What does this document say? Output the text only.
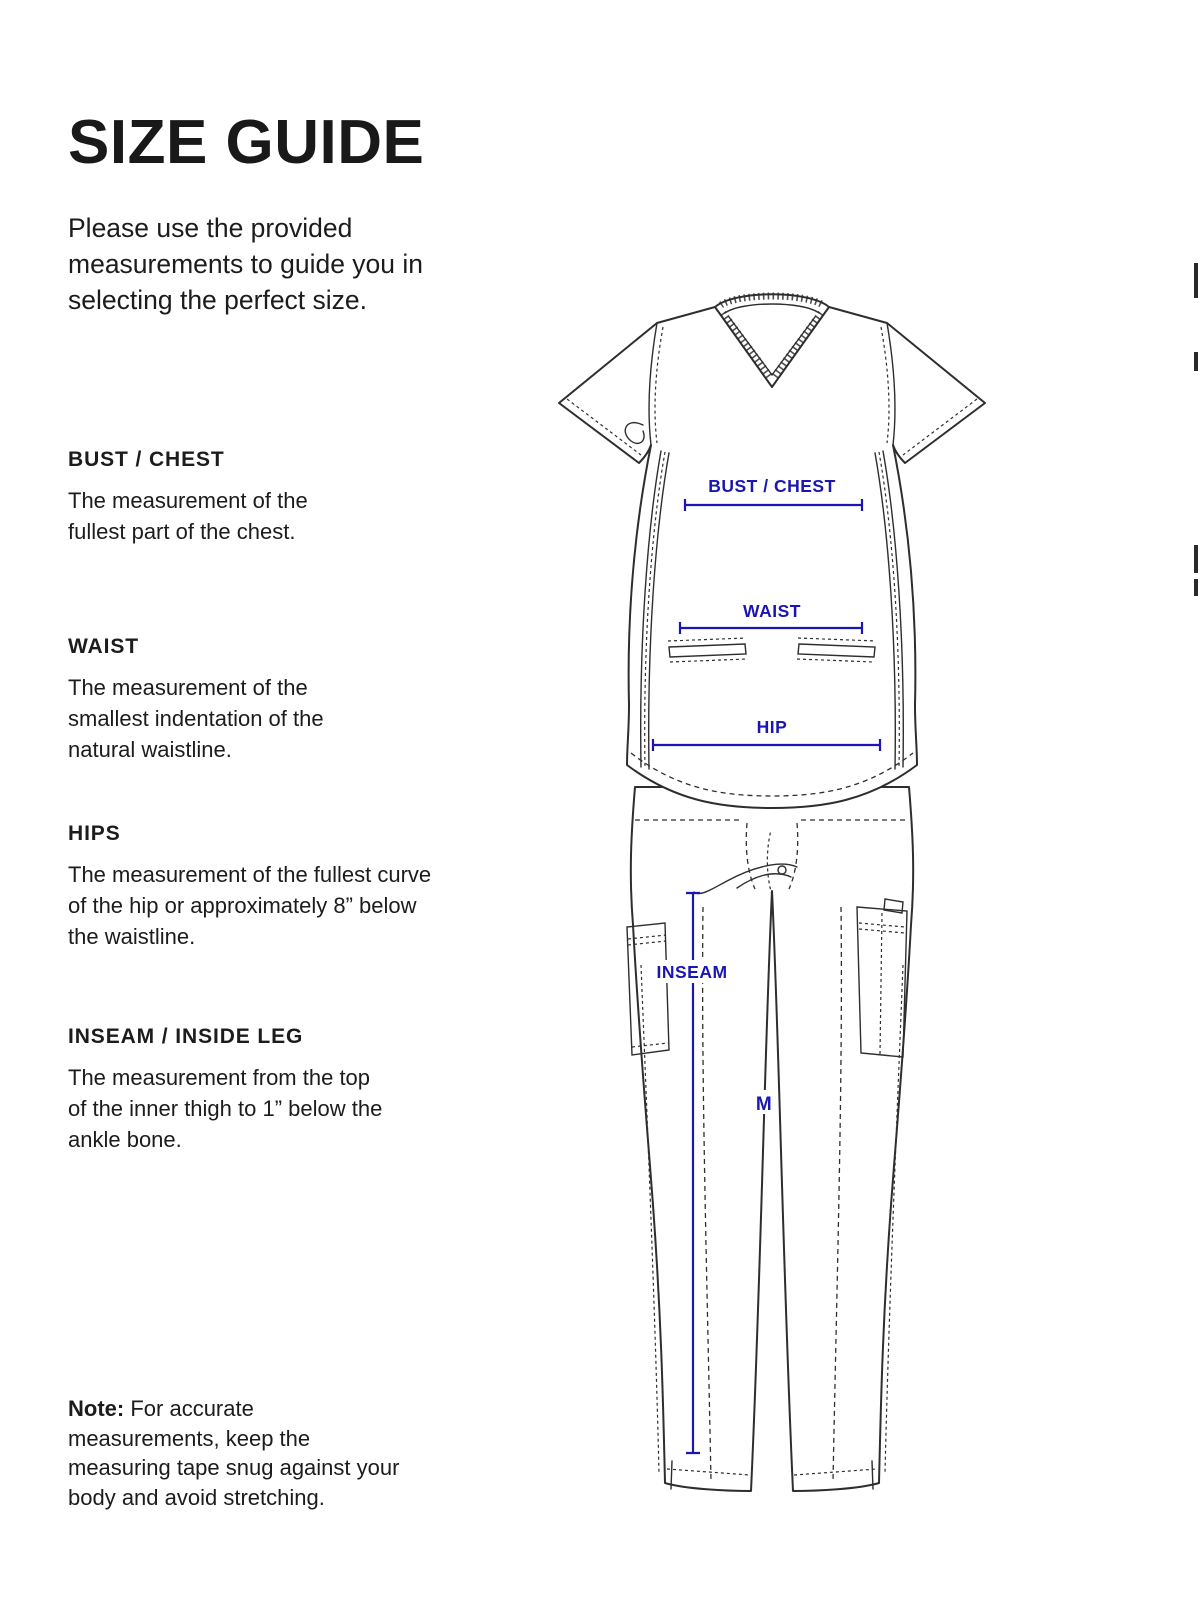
SIZE GUIDE

Please use the provided measurements to guide you in selecting the perfect size.

BUST / CHEST

The measurement of the fullest part of the chest.

WAIST

The measurement of the smallest indentation of the natural waistline.

HIPS

The measurement of the fullest curve of the hip or approximately 8” below the waistline.

INSEAM / INSIDE LEG

The measurement from the top of the inner thigh to 1” below the ankle bone.

Note: For accurate measurements, keep the measuring tape snug against your body and avoid stretching.

BUST / CHEST
WAIST
HIP
INSEAM
M
